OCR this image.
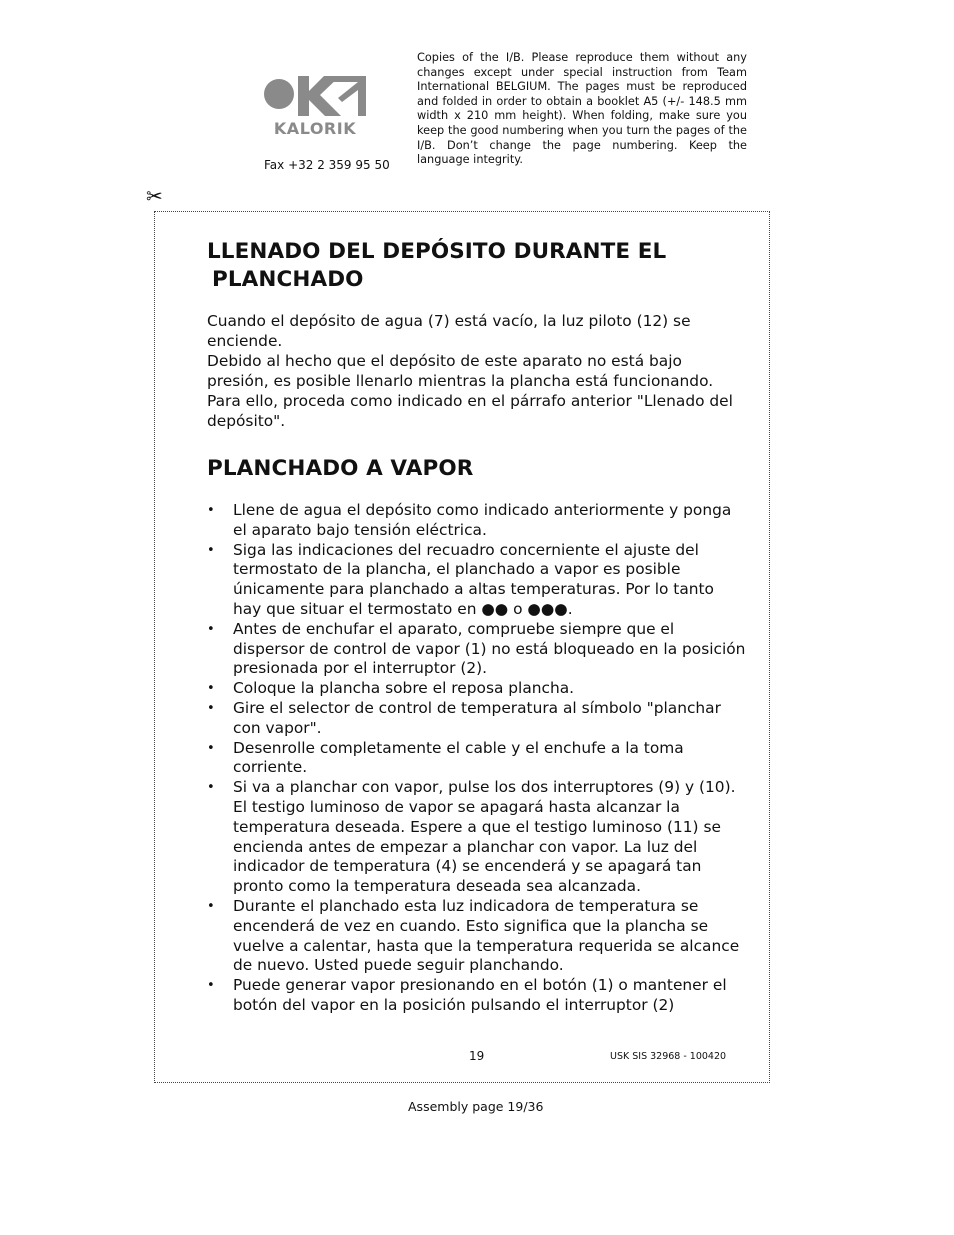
KALORIK
Fax +32 2 359 95 50
Copies of the I/B. Please reproduce them without any changes except under special instruction from Team International BELGIUM. The pages must be reproduced and folded in order to obtain a booklet A5 (+/- 148.5 mm width x 210 mm height). When folding, make sure you keep the good numbering when you turn the pages of the I/B. Don’t change the page numbering. Keep the language integrity.
✂
LLENADO DEL DEPÓSITO DURANTE EL
PLANCHADO

Cuando el depósito de agua (7) está vacío, la luz piloto (12) se enciende.

Debido al hecho que el depósito de este aparato no está bajo presión, es posible llenarlo mientras la plancha está funcionando. Para ello, proceda como indicado en el párrafo anterior "Llenado del depósito".

PLANCHADO A VAPOR
• Llene de agua el depósito como indicado anteriormente y ponga el aparato bajo tensión eléctrica.
• Siga las indicaciones del recuadro concerniente el ajuste del termostato de la plancha, el planchado a vapor es posible únicamente para planchado a altas temperaturas. Por lo tanto hay que situar el termostato en ●● o ●●●.
• Antes de enchufar el aparato, compruebe siempre que el dispersor de control de vapor (1) no está bloqueado en la posición presionada por el interruptor (2).
• Coloque la plancha sobre el reposa plancha.
• Gire el selector de control de temperatura al símbolo "planchar con vapor".
• Desenrolle completamente el cable y el enchufe a la toma corriente.
• Si va a planchar con vapor, pulse los dos interruptores (9) y (10). El testigo luminoso de vapor se apagará hasta alcanzar la temperatura deseada. Espere a que el testigo luminoso (11) se encienda antes de empezar a planchar con vapor. La luz del indicador de temperatura (4) se encenderá y se apagará tan pronto como la temperatura deseada sea alcanzada.
• Durante el planchado esta luz indicadora de temperatura se encenderá de vez en cuando. Esto significa que la plancha se vuelve a calentar, hasta que la temperatura requerida se alcance de nuevo. Usted puede seguir planchando.
• Puede generar vapor presionando en el botón (1) o mantener el botón del vapor en la posición pulsando el interruptor (2)
19	USK SIS 32968 - 100420
Assembly page 19/36
